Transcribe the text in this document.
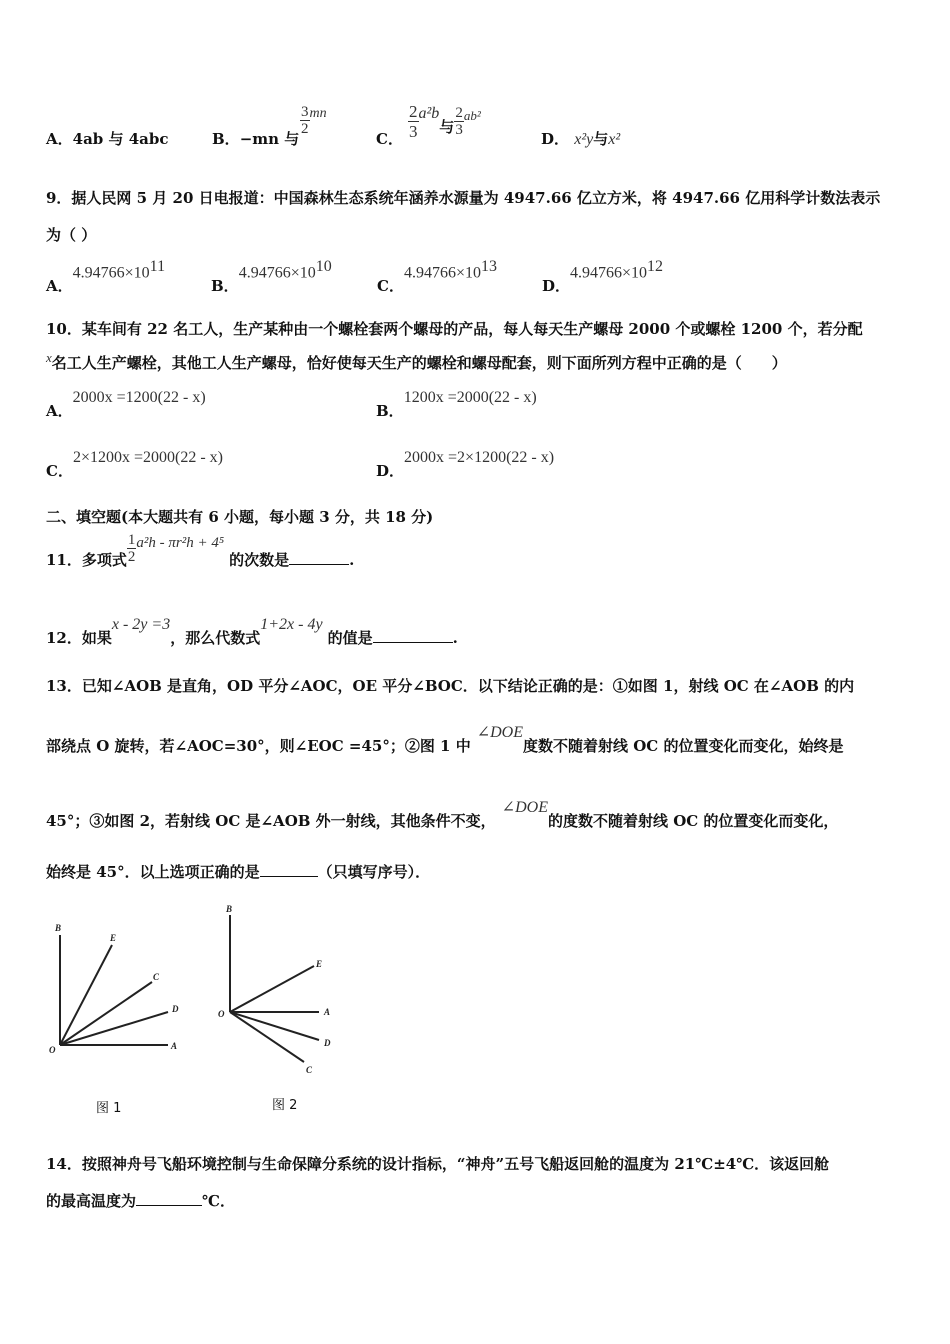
A．4ab 与 4abc	B．−mn 与
$\frac{3}{2}$ mn
C． $\frac{2}{3} a^2b$与 $\frac{2}{3} ^{ab^2}$
D． x²y与x²
9．据人民网 5 月 20 日电报道：中国森林生态系统年涵养水源量为 4947.66 亿立方米，将 4947.66 亿用科学计数法表示
为（ ）
A．$4.94766\times 10^{11}$
B．$4.94766\times 10^{10}$
C．$4.94766\times 10^{13}$
D．$4.94766\times 10^{12}$
10．某车间有 22 名工人，生产某种由一个螺栓套两个螺母的产品，每人每天生产螺母 2000 个或螺栓 1200 个，若分配
$^x$名工人生产螺栓，其他工人生产螺母，恰好使每天生产的螺栓和螺母配套，则下面所列方程中正确的是（　　）
A．2000x =1200(22 - x)
B．1200x =2000(22 - x)
C．2×1200x =2000(22 - x)
D．2000x =2×1200(22 - x)
二、填空题(本大题共有 6 小题，每小题 3 分，共 18 分)
11．多项式 $\frac{1}{2} a^2h - \pi r^2h + 4^5$ 的次数是	.
12．如果x - 2y =3，那么代数式1+2x - 4y 的值是	.
13．已知∠AOB 是直角，OD 平分∠AOC，OE 平分∠BOC．以下结论正确的是：①如图 1，射线 OC 在∠AOB 的内
部绕点 O 旋转，若∠AOC=30°，则∠EOC =45°；②图 1 中∠DOE度数不随着射线 OC 的位置变化而变化，始终是
45°；③如图 2，若射线 OC 是∠AOB 外一射线，其他条件不变，∠DOE的度数不随着射线 OC 的位置变化而变化，
始终是 45°．以上选项正确的是	（只填写序号）．
B
E
C
D
O	A
B
E
A
D
C
O
图 1	图 2
14．按照神舟号飞船环境控制与生命保障分系统的设计指标，“神舟”五号飞船返回舱的温度为 21℃±4℃．该返回舱
的最高温度为	℃．
